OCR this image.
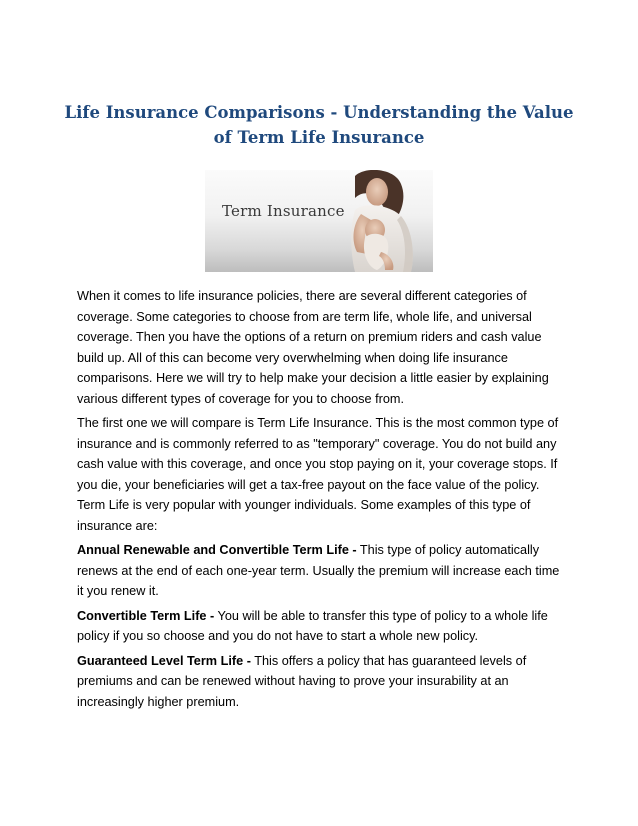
Life Insurance Comparisons - Understanding the Value
of Term Life Insurance
Term Insurance

When it comes to life insurance policies, there are several different categories of coverage. Some categories to choose from are term life, whole life, and universal coverage. Then you have the options of a return on premium riders and cash value build up. All of this can become very overwhelming when doing life insurance comparisons. Here we will try to help make your decision a little easier by explaining various different types of coverage for you to choose from.

The first one we will compare is Term Life Insurance. This is the most common type of insurance and is commonly referred to as "temporary" coverage. You do not build any cash value with this coverage, and once you stop paying on it, your coverage stops. If you die, your beneficiaries will get a tax-free payout on the face value of the policy. Term Life is very popular with younger individuals. Some examples of this type of insurance are:

Annual Renewable and Convertible Term Life - This type of policy automatically renews at the end of each one-year term. Usually the premium will increase each time it you renew it.

Convertible Term Life - You will be able to transfer this type of policy to a whole life policy if you so choose and you do not have to start a whole new policy.

Guaranteed Level Term Life - This offers a policy that has guaranteed levels of premiums and can be renewed without having to prove your insurability at an increasingly higher premium.
